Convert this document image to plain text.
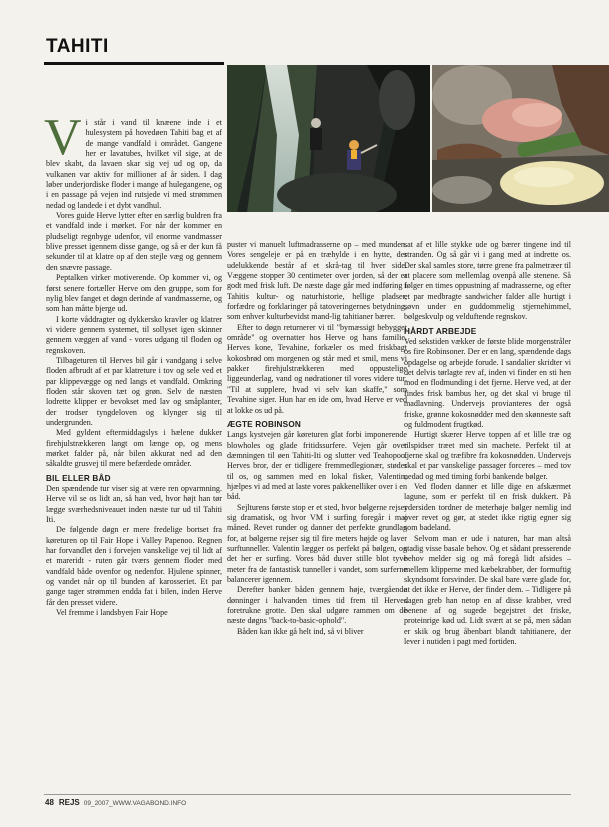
TAHITI

Vi står i vand til knæene inde i et hulesystem på hovedøen Tahiti bag et af de mange vandfald i området. Gangene her er lavatubes, hvilket vil sige, at de blev skabt, da lavaen skar sig vej ud og op, da vulkanen var aktiv for millioner af år siden. I dag løber underjordiske floder i mange af hulegangene, og i en passage på vejen ind rutsjede vi med strømmen nedad og landede i et dybt vandhul.

Vores guide Herve lytter efter en særlig buldren fra et vandfald inde i mørket. For når der kommer en pludseligt regnbyge udenfor, vil enorme vandmasser blive presset igennem disse gange, og så er der kun få sekunder til at klatre op af den stejle væg og gennem den snævre passage.

Peptalken virker motiverende. Op kommer vi, og først senere fortæller Herve om den gruppe, som for nylig blev fanget et døgn derinde af vandmasserne, og som han måtte bjerge ud.

I korte våddragter og dykkersko kravler og klatrer vi videre gennem systemet, til sollyset igen skinner gennem væggen af vand - vores udgang til floden og regnskoven.

Tilbageturen til Herves bil går i vandgang i selve floden afbrudt af et par klatreture i tov og sele ved et par klippevægge og ned langs et vandfald. Omkring floden står skoven tæt og grøn. Selv de næsten lodrette klipper er bevokset med lav og småplanter, der trodser tyngdeloven og klynger sig til undergrunden.

Med gyldent eftermiddagslys i hælene dukker firehjulstrækkeren langt om længe op, og mens mørket falder på, når bilen akkurat ned ad den såkaldte grusvej til mere befærdede områder.

BIL ELLER BÅD

Den spændende tur viser sig at være ren opvarmning. Herve vil se os lidt an, så han ved, hvor højt han tør lægge sværhedsniveauet inden næste tur ud til Tahiti Iti.

De følgende døgn er mere fredelige bortset fra køreturen op til Fair Hope i Valley Papenoo. Regnen har forvandlet den i forvejen vanskelige vej til lidt af et mareridt - ruten går tværs gennem floder med vandfald både ovenfor og nedenfor. Hjulene spinner, og vandet når op til bunden af karosseriet. Et par gange tager strømmen endda fat i bilen, inden Herve får den presset videre.

Vel fremme i landsbyen Fair Hope

puster vi manuelt luftmadrasserne op – med munden. Vores sengeleje er på en træhylde i en hytte, der udelukkende består af et skrå-tag til hver side. Væggene stopper 30 centimeter over jorden, så der er godt med frisk luft. De næste dage går med indføring i Tahitis kultur- og naturhistorie, hellige pladser, forfædre og forklaringer på tatoveringernes betydning, som enhver kulturbevidst mand-lig tahitianer bærer.

Efter to døgn returnerer vi til "bymæssigt bebygget område" og overnatter hos Herve og hans familie. Herves kone, Tevahine, forkæler os med friskbagt kokosbrød om morgenen og står med et smil, mens vi pakker firehjulstrækkeren med oppustelige liggeunderlag, vand og nødrationer til vores videre tur. "Til at supplere, hvad vi selv kan skaffe," som Tevahine siger. Hun har en ide om, hvad Herve er ved at lokke os ud på.

ÆGTE ROBINSON

Langs kystvejen går køreturen glat forbi imponerende blowholes og glade fritidssurfere. Vejen går over dæmningen til øen Tahiti-Iti og slutter ved Teahopoo. Herves bror, der er tidligere fremmedlegionær, støder til os, og sammen med en lokal fisker, Valentin, hjælpes vi ad med at laste vores pakkenelliker over i en båd.

Sejlturens første stop er et sted, hvor bølgerne rejser sig dramatisk, og hvor VM i surfing foregår i maj måned. Revet runder og danner det perfekte grundlag for, at bølgerne rejser sig til fire meters højde og laver surftunneller. Valentin lægger os perfekt på bølgen, og det her er surfing. Vores båd duver stille blot tyve meter fra de fantastisk tunneller i vandet, som surferne balancerer igennem.

Derefter banker båden gennem høje, tværgående dønninger i halvanden times tid frem til Herves foretrukne grotte. Den skal udgøre rammen om de næste døgns "back-to-basic-ophold".

Båden kan ikke gå helt ind, så vi bliver

sat af et lille stykke ude og bærer tingene ind til stranden. Og så går vi i gang med at indrette os. Der skal samles store, tørre grene fra palmetræer til at placere som mellemlag ovenpå alle stenene. Så følger en times oppustning af madrasserne, og efter et par medbragte sandwicher falder alle hurtigt i søvn under en guddommelig stjernehimmel, bølgeskvulp og velduftende regnskov.

HÅRDT ARBEJDE

Ved sekstiden vækker de første blide morgenstråler os fire Robinsoner. Der er en lang, spændende dags opdagelse og arbejde forude. I sandalier skridter vi det delvis tørlagte rev af, inden vi finder en sti hen mod en flodmunding i det fjerne. Herve ved, at der findes frisk bambus her, og det skal vi bruge til madlavning. Undervejs provianteres der også friske, grønne kokosnødder med den skønneste saft og fuldmodent frugtkød.

Hurtigt skærer Herve toppen af et lille træ og tilspidser træet med sin machete. Perfekt til at fjerne skal og træfibre fra kokosnødden. Undervejs skal et par vanskelige passager forceres – med tov nedad og med timing forbi bankende bølger.

Ved floden danner et lille dige en afskærmet lagune, som er perfekt til en frisk dukkert. På ydersiden tordner de meterhøje bølger nemlig ind over revet og gør, at stedet ikke rigtig egner sig som badeland.

Selvom man er ude i naturen, har man altså stadig visse basale behov. Og et sådant presserende behov melder sig og må foregå lidt afsides – mellem klipperne med kæbekrabber, der formuftig skyndsomt forsvinder. De skal bare være glade for, at det ikke er Herve, der finder dem. – Tidligere på dagen greb han netop en af disse krabber, vred benene af og sugede begejstret det friske, proteinrige kød ud. Lidt svært at se på, men sådan er skik og brug åbenbart blandt tahitianere, der lever i nutiden i pagt med fortiden.

48 REJS 09_2007_WWW.VAGABOND.INFO
